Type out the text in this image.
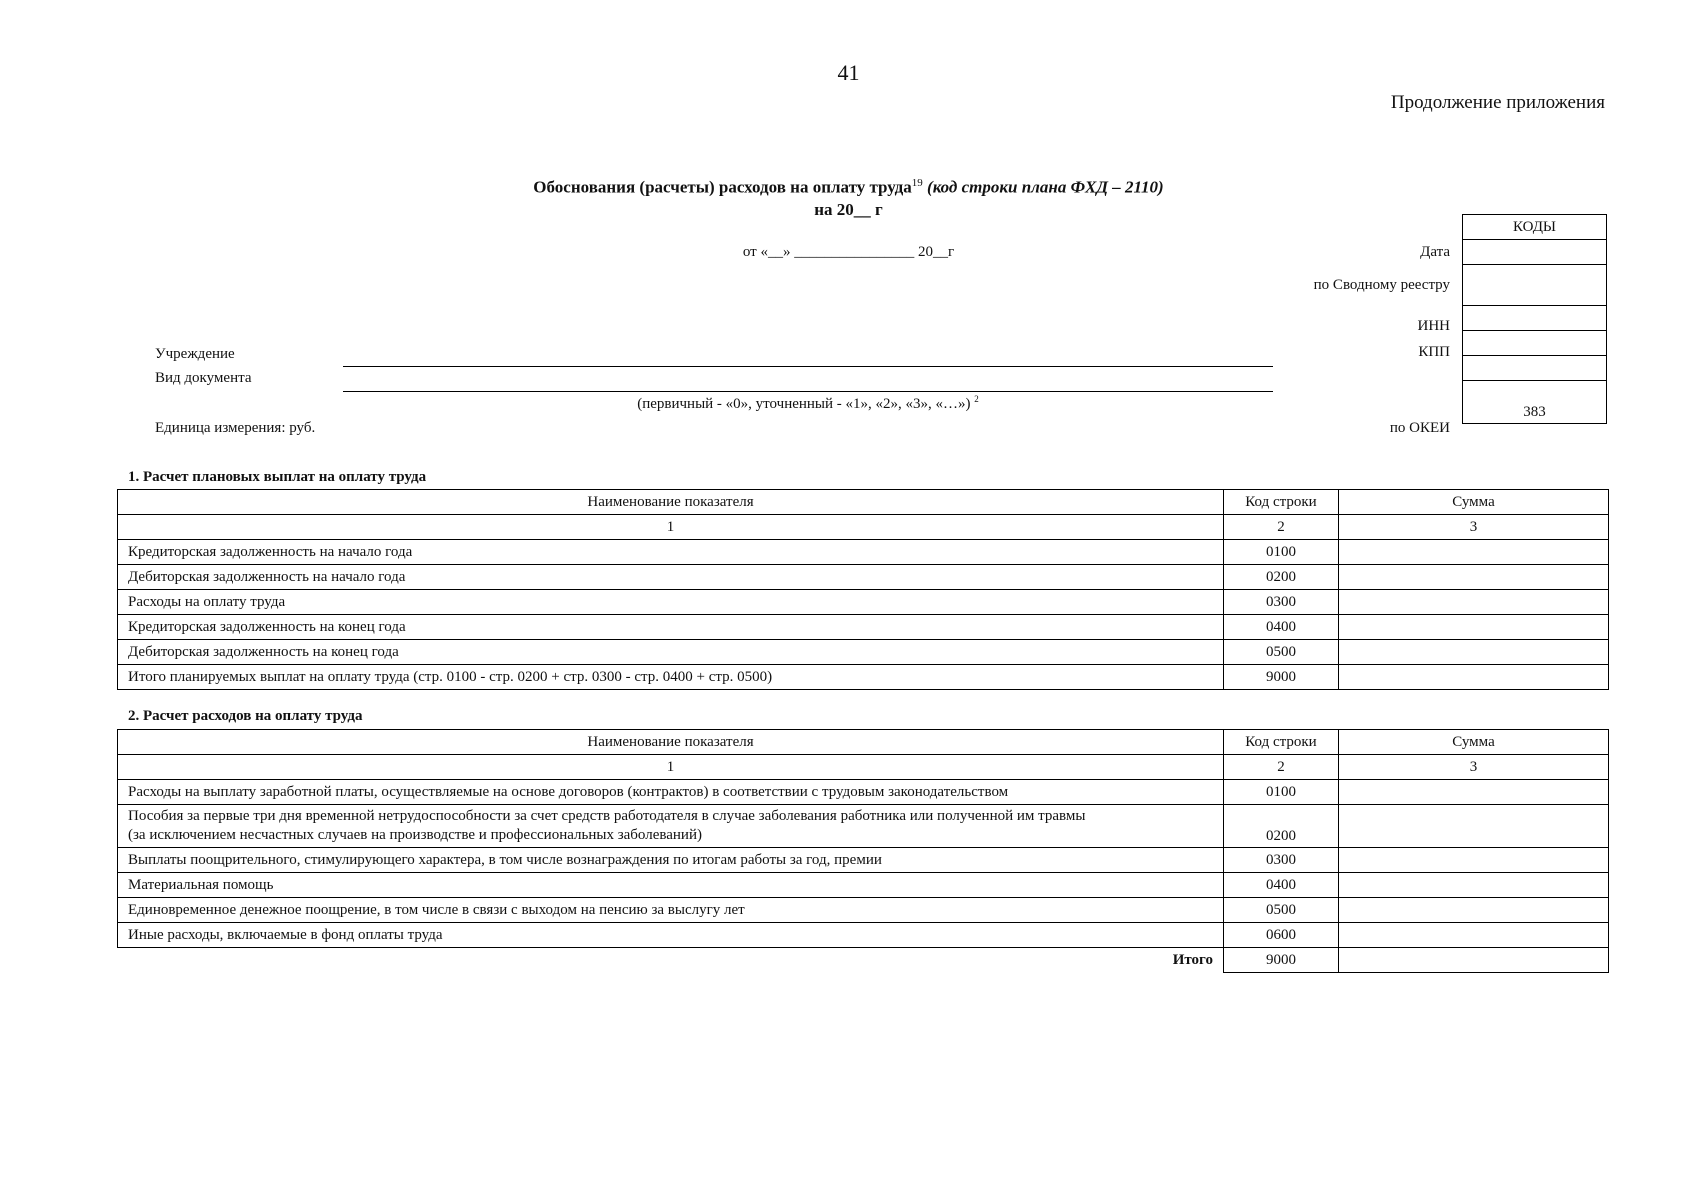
41
Продолжение приложения
Обоснования (расчеты) расходов на оплату труда$^{19}$ (код строки плана ФХД – 2110)
на 20__ г
от «__» ________________ 20__г
КОДЫ

383
Дата
по Сводному реестру
ИНН
КПП
по ОКЕИ
Учреждение
Вид документа
(первичный - «0», уточненный - «1», «2», «3», «…») $^2$
Единица измерения: руб.
1. Расчет плановых выплат на оплату труда
Наименование показателя	Код строки	Сумма
1	2	3
Кредиторская задолженность на начало года	0100	
Дебиторская задолженность на начало года	0200	
Расходы на оплату труда	0300	
Кредиторская задолженность на конец года	0400	
Дебиторская задолженность на конец года	0500	
Итого планируемых выплат на оплату труда (стр. 0100 - стр. 0200 + стр. 0300 - стр. 0400 + стр. 0500)	9000	
2. Расчет расходов на оплату труда
Наименование показателя	Код строки	Сумма
1	2	3
Расходы на выплату заработной платы, осуществляемые на основе договоров (контрактов) в соответствии с трудовым законодательством	0100	

Пособия за первые три дня временной нетрудоспособности за счет средств работодателя в случае заболевания работника или полученной им травмы
(за исключением несчастных случаев на производстве и профессиональных заболеваний)	0200	
Выплаты поощрительного, стимулирующего характера, в том числе вознаграждения по итогам работы за год, премии	0300	
Материальная помощь	0400	
Единовременное денежное поощрение, в том числе в связи с выходом на пенсию за выслугу лет	0500	
Иные расходы, включаемые в фонд оплаты труда	0600	
Итого	9000	
